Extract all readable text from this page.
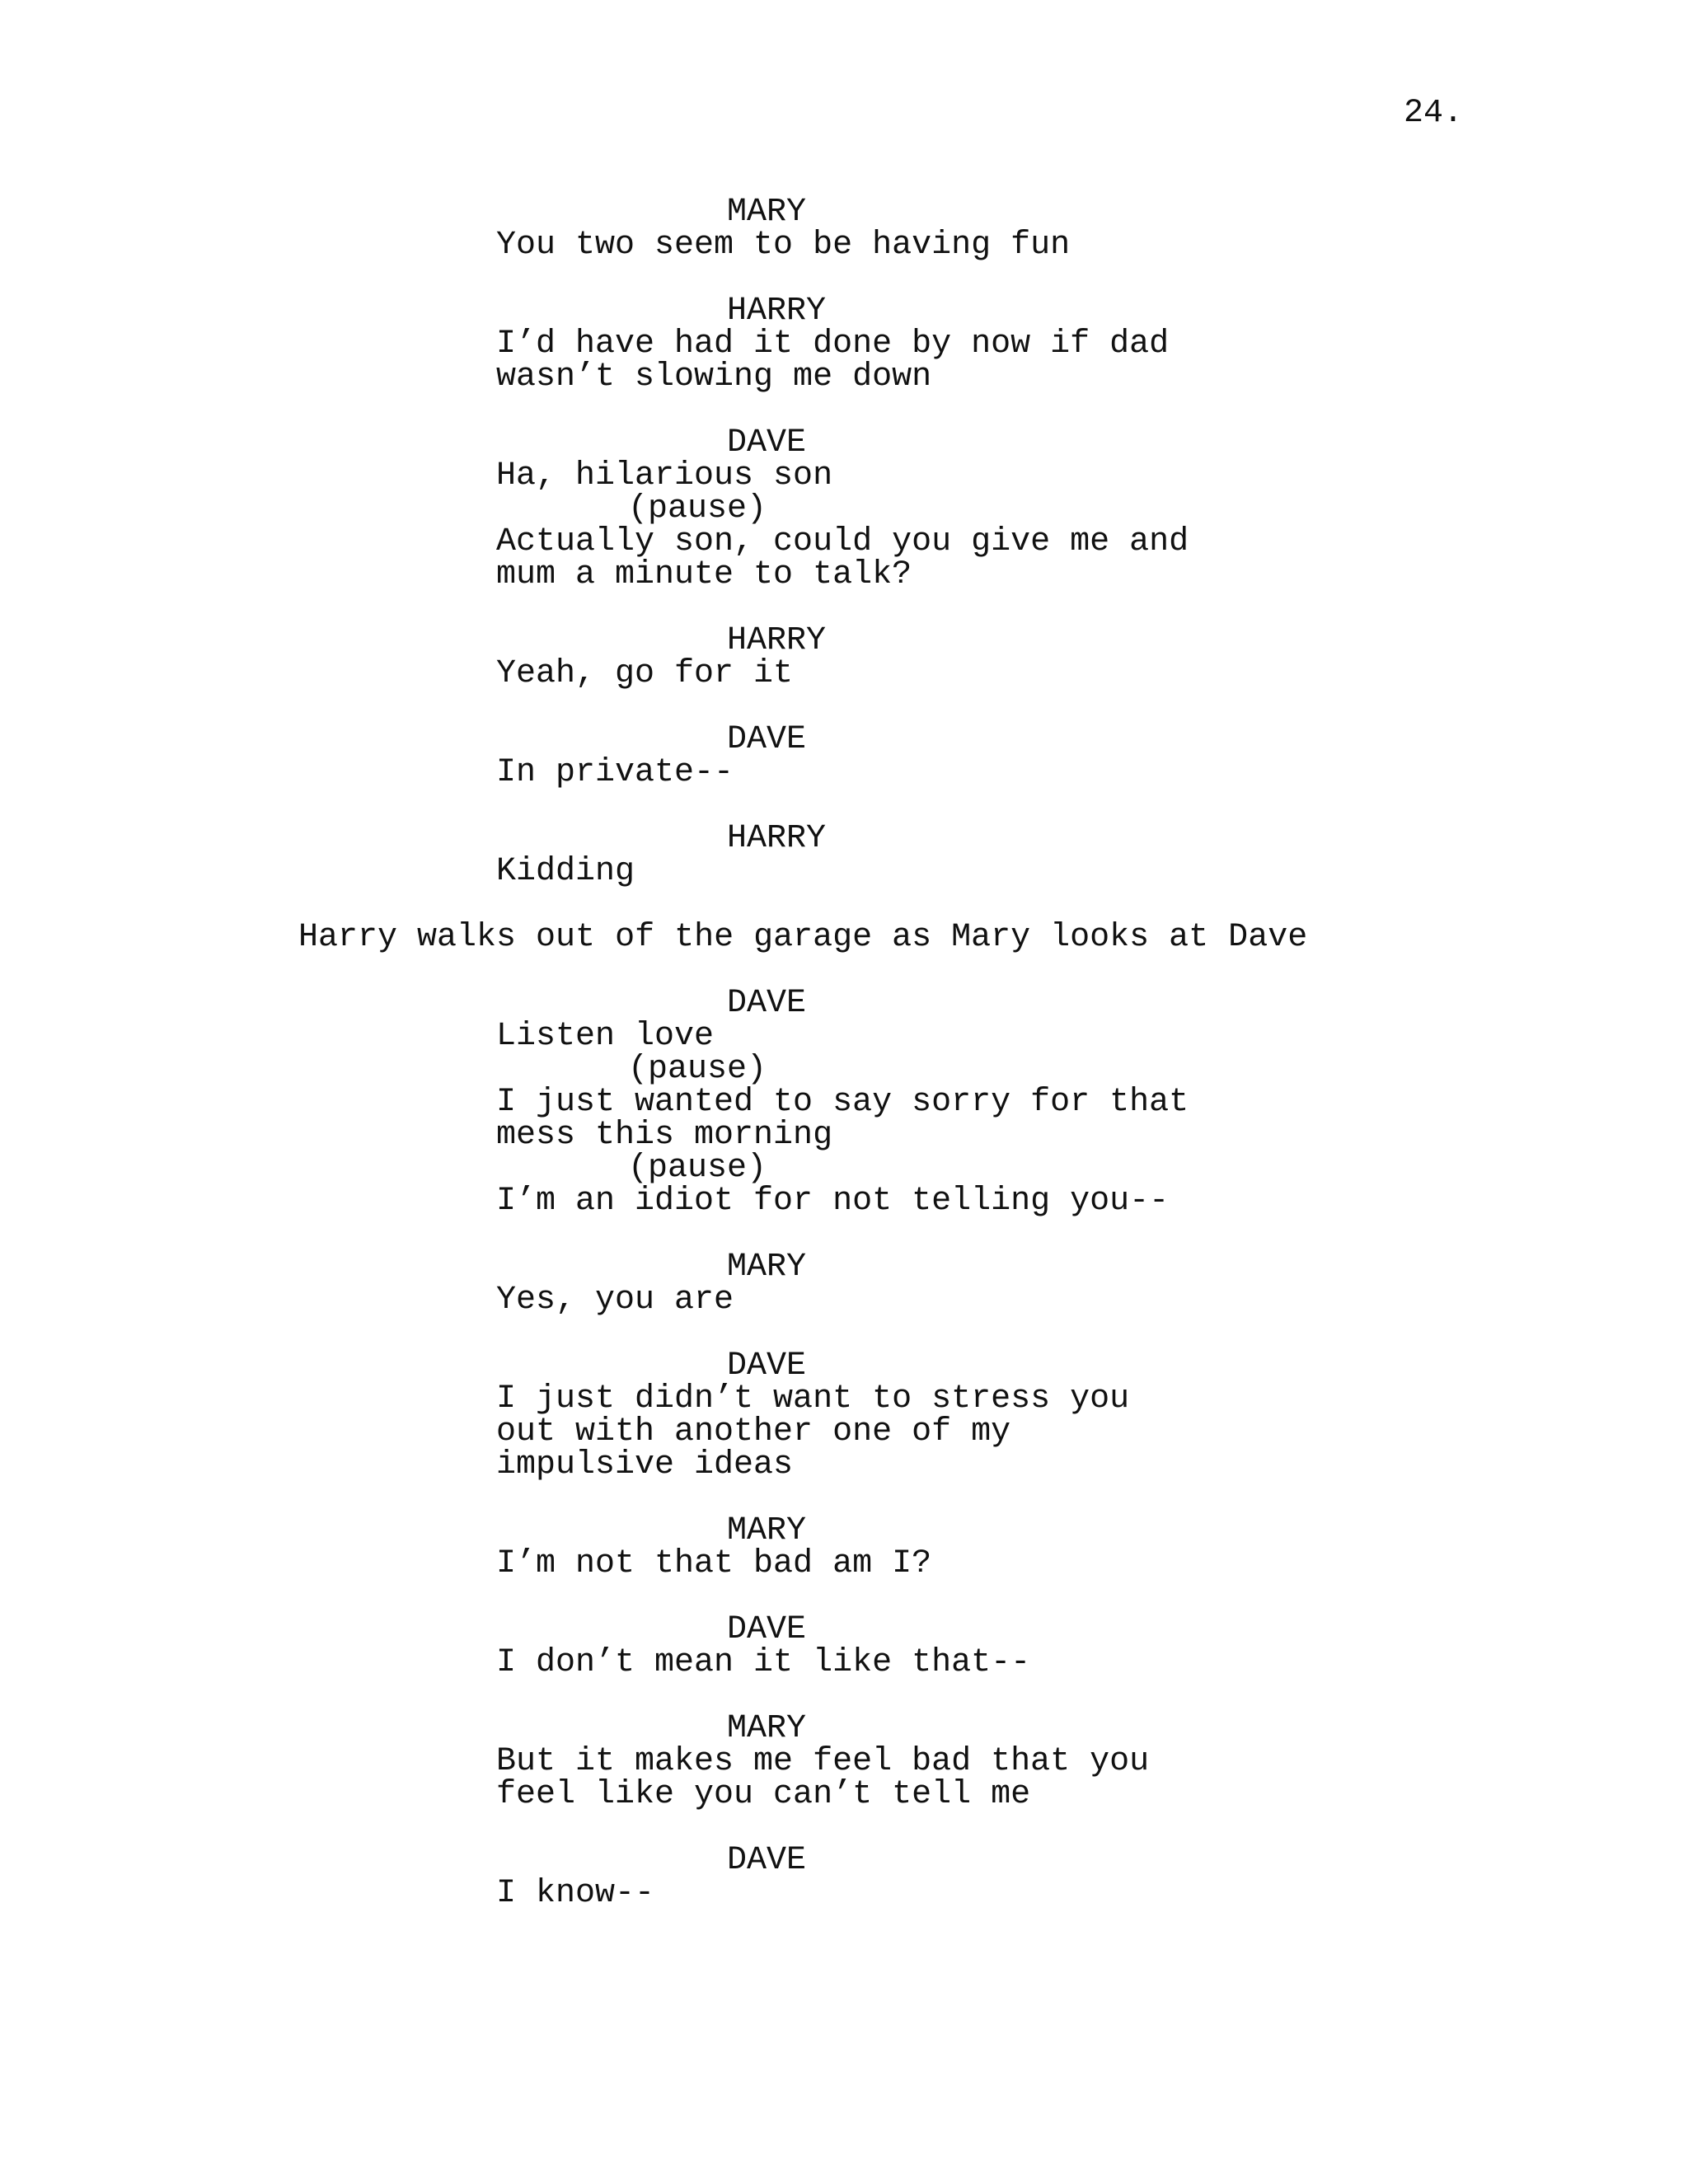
24.
MARY
You two seem to be having fun
HARRY
I’d have had it done by now if dad
wasn’t slowing me down
DAVE
Ha, hilarious son
(pause)
Actually son, could you give me and
mum a minute to talk?
HARRY
Yeah, go for it
DAVE
In private--
HARRY
Kidding
Harry walks out of the garage as Mary looks at Dave
DAVE
Listen love
(pause)
I just wanted to say sorry for that
mess this morning
(pause)
I’m an idiot for not telling you--
MARY
Yes, you are
DAVE
I just didn’t want to stress you
out with another one of my
impulsive ideas
MARY
I’m not that bad am I?
DAVE
I don’t mean it like that--
MARY
But it makes me feel bad that you
feel like you can’t tell me
DAVE
I know--
